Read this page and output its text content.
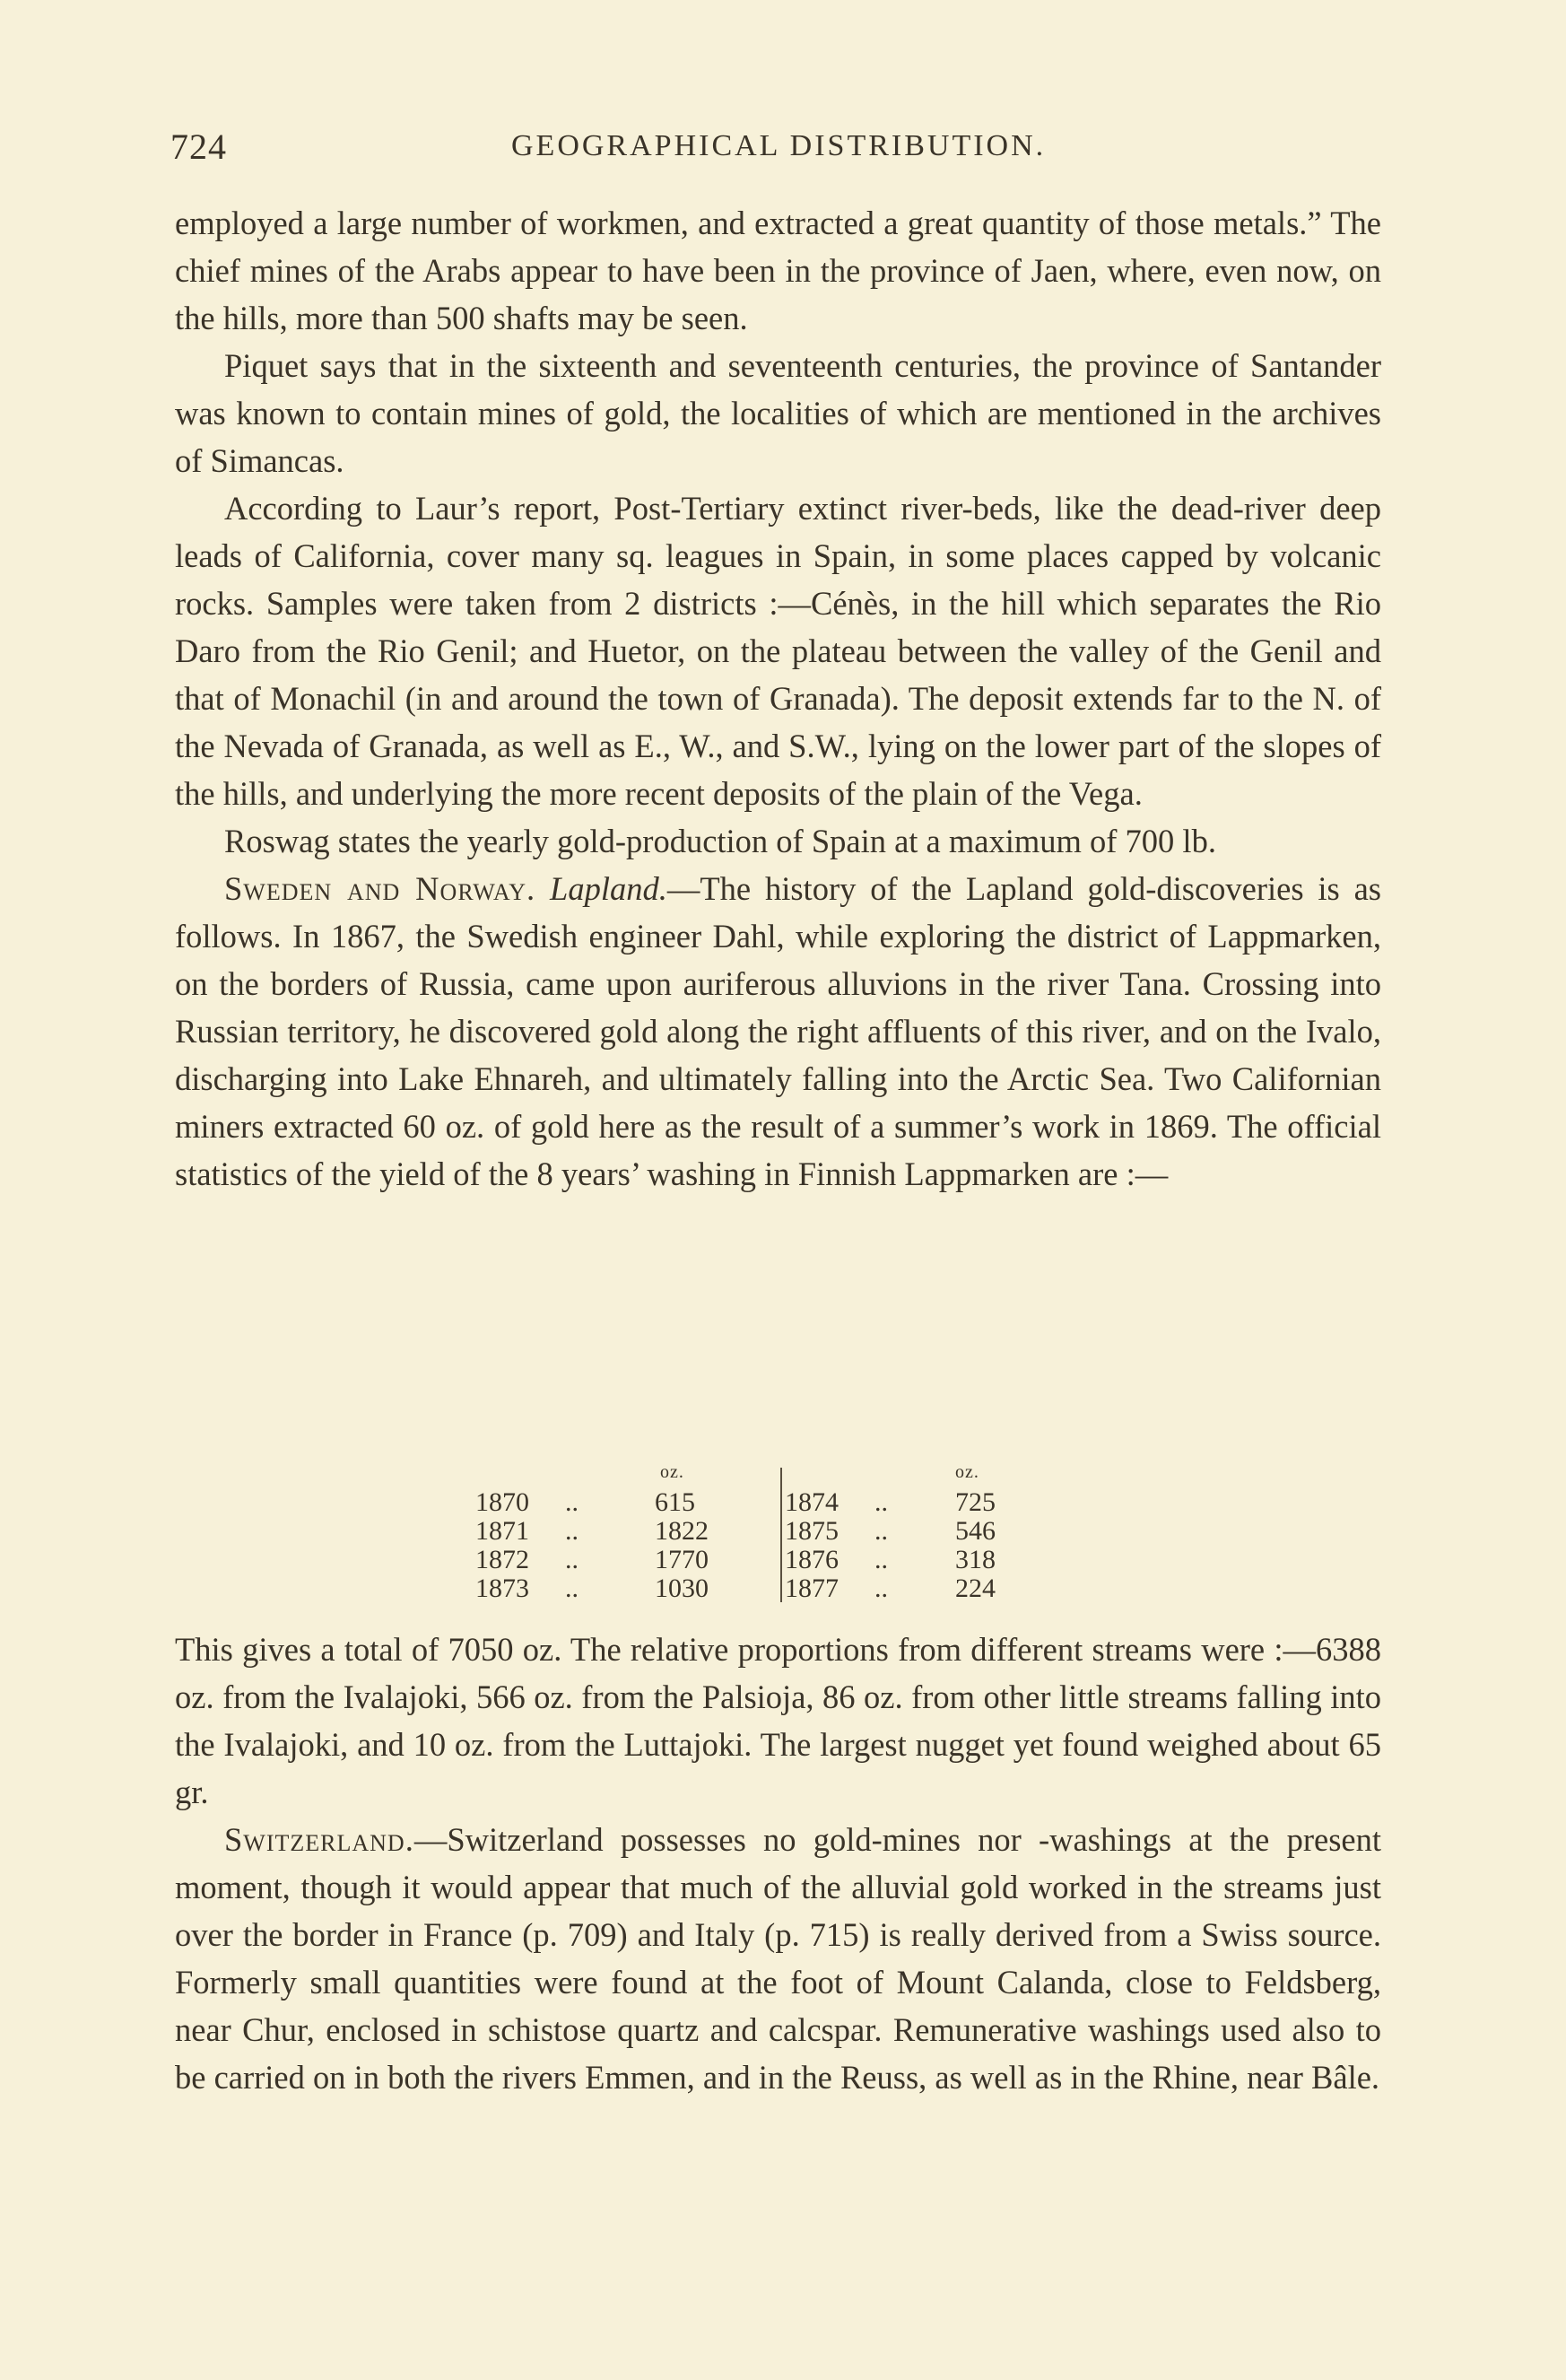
724	GEOGRAPHICAL DISTRIBUTION.

employed a large number of workmen, and extracted a great quantity of those metals.” The chief mines of the Arabs appear to have been in the province of Jaen, where, even now, on the hills, more than 500 shafts may be seen.

Piquet says that in the sixteenth and seventeenth centuries, the province of Santander was known to contain mines of gold, the localities of which are mentioned in the archives of Simancas.

According to Laur’s report, Post-Tertiary extinct river-beds, like the dead-river deep leads of California, cover many sq. leagues in Spain, in some places capped by volcanic rocks. Samples were taken from 2 districts :—Cénès, in the hill which separates the Rio Daro from the Rio Genil; and Huetor, on the plateau between the valley of the Genil and that of Monachil (in and around the town of Granada). The deposit extends far to the N. of the Nevada of Granada, as well as E., W., and S.W., lying on the lower part of the slopes of the hills, and underlying the more recent deposits of the plain of the Vega.

Roswag states the yearly gold-production of Spain at a maximum of 700 lb.

Sweden and Norway. Lapland.—The history of the Lapland gold-discoveries is as follows. In 1867, the Swedish engineer Dahl, while exploring the district of Lappmarken, on the borders of Russia, came upon auriferous alluvions in the river Tana. Crossing into Russian territory, he discovered gold along the right affluents of this river, and on the Ivalo, discharging into Lake Ehnareh, and ultimately falling into the Arctic Sea. Two Californian miners extracted 60 oz. of gold here as the result of a summer’s work in 1869. The official statistics of the yield of the 8 years’ washing in Finnish Lappmarken are :—

oz.
1870 ..	615
1871 ..	1822
1872 ..	1770
1873 ..	1030
oz.
1874 ..	725
1875 ..	546
1876 ..	318
1877 ..	224

This gives a total of 7050 oz. The relative proportions from different streams were :—6388 oz. from the Ivalajoki, 566 oz. from the Palsioja, 86 oz. from other little streams falling into the Ivalajoki, and 10 oz. from the Luttajoki. The largest nugget yet found weighed about 65 gr.

Switzerland.—Switzerland possesses no gold-mines nor -washings at the present moment, though it would appear that much of the alluvial gold worked in the streams just over the border in France (p. 709) and Italy (p. 715) is really derived from a Swiss source. Formerly small quantities were found at the foot of Mount Calanda, close to Feldsberg, near Chur, enclosed in schistose quartz and calcspar. Remunerative washings used also to be carried on in both the rivers Emmen, and in the Reuss, as well as in the Rhine, near Bâle.
